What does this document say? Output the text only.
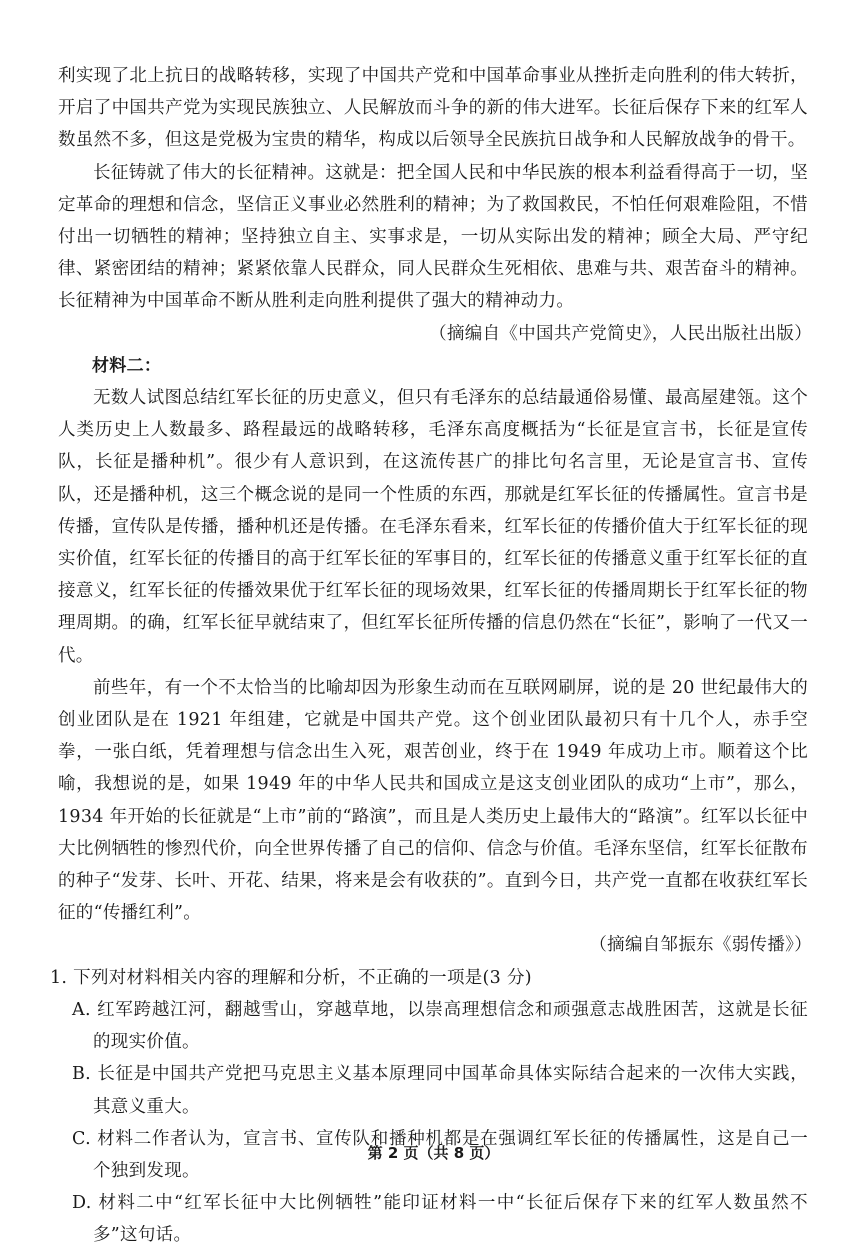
利实现了北上抗日的战略转移，实现了中国共产党和中国革命事业从挫折走向胜利的伟大转折，开启了中国共产党为实现民族独立、人民解放而斗争的新的伟大进军。长征后保存下来的红军人数虽然不多，但这是党极为宝贵的精华，构成以后领导全民族抗日战争和人民解放战争的骨干。

长征铸就了伟大的长征精神。这就是：把全国人民和中华民族的根本利益看得高于一切，坚定革命的理想和信念，坚信正义事业必然胜利的精神；为了救国救民，不怕任何艰难险阻，不惜付出一切牺牲的精神；坚持独立自主、实事求是，一切从实际出发的精神；顾全大局、严守纪律、紧密团结的精神；紧紧依靠人民群众，同人民群众生死相依、患难与共、艰苦奋斗的精神。长征精神为中国革命不断从胜利走向胜利提供了强大的精神动力。

（摘编自《中国共产党简史》，人民出版社出版）

材料二：

无数人试图总结红军长征的历史意义，但只有毛泽东的总结最通俗易懂、最高屋建瓴。这个人类历史上人数最多、路程最远的战略转移，毛泽东高度概括为“长征是宣言书，长征是宣传队，长征是播种机”。很少有人意识到，在这流传甚广的排比句名言里，无论是宣言书、宣传队，还是播种机，这三个概念说的是同一个性质的东西，那就是红军长征的传播属性。宣言书是传播，宣传队是传播，播种机还是传播。在毛泽东看来，红军长征的传播价值大于红军长征的现实价值，红军长征的传播目的高于红军长征的军事目的，红军长征的传播意义重于红军长征的直接意义，红军长征的传播效果优于红军长征的现场效果，红军长征的传播周期长于红军长征的物理周期。的确，红军长征早就结束了，但红军长征所传播的信息仍然在“长征”，影响了一代又一代。

前些年，有一个不太恰当的比喻却因为形象生动而在互联网刷屏，说的是 20 世纪最伟大的创业团队是在 1921 年组建，它就是中国共产党。这个创业团队最初只有十几个人，赤手空拳，一张白纸，凭着理想与信念出生入死，艰苦创业，终于在 1949 年成功上市。顺着这个比喻，我想说的是，如果 1949 年的中华人民共和国成立是这支创业团队的成功“上市”，那么，1934 年开始的长征就是“上市”前的“路演”，而且是人类历史上最伟大的“路演”。红军以长征中大比例牺牲的惨烈代价，向全世界传播了自己的信仰、信念与价值。毛泽东坚信，红军长征散布的种子“发芽、长叶、开花、结果，将来是会有收获的”。直到今日，共产党一直都在收获红军长征的“传播红利”。

（摘编自邹振东《弱传播》）

1. 下列对材料相关内容的理解和分析，不正确的一项是(3 分)

A. 红军跨越江河，翻越雪山，穿越草地，以崇高理想信念和顽强意志战胜困苦，这就是长征的现实价值。

B. 长征是中国共产党把马克思主义基本原理同中国革命具体实际结合起来的一次伟大实践，其意义重大。

C. 材料二作者认为，宣言书、宣传队和播种机都是在强调红军长征的传播属性，这是自己一个独到发现。

D. 材料二中“红军长征中大比例牺牲”能印证材料一中“长征后保存下来的红军人数虽然不多”这句话。

第 2 页（共 8 页）
